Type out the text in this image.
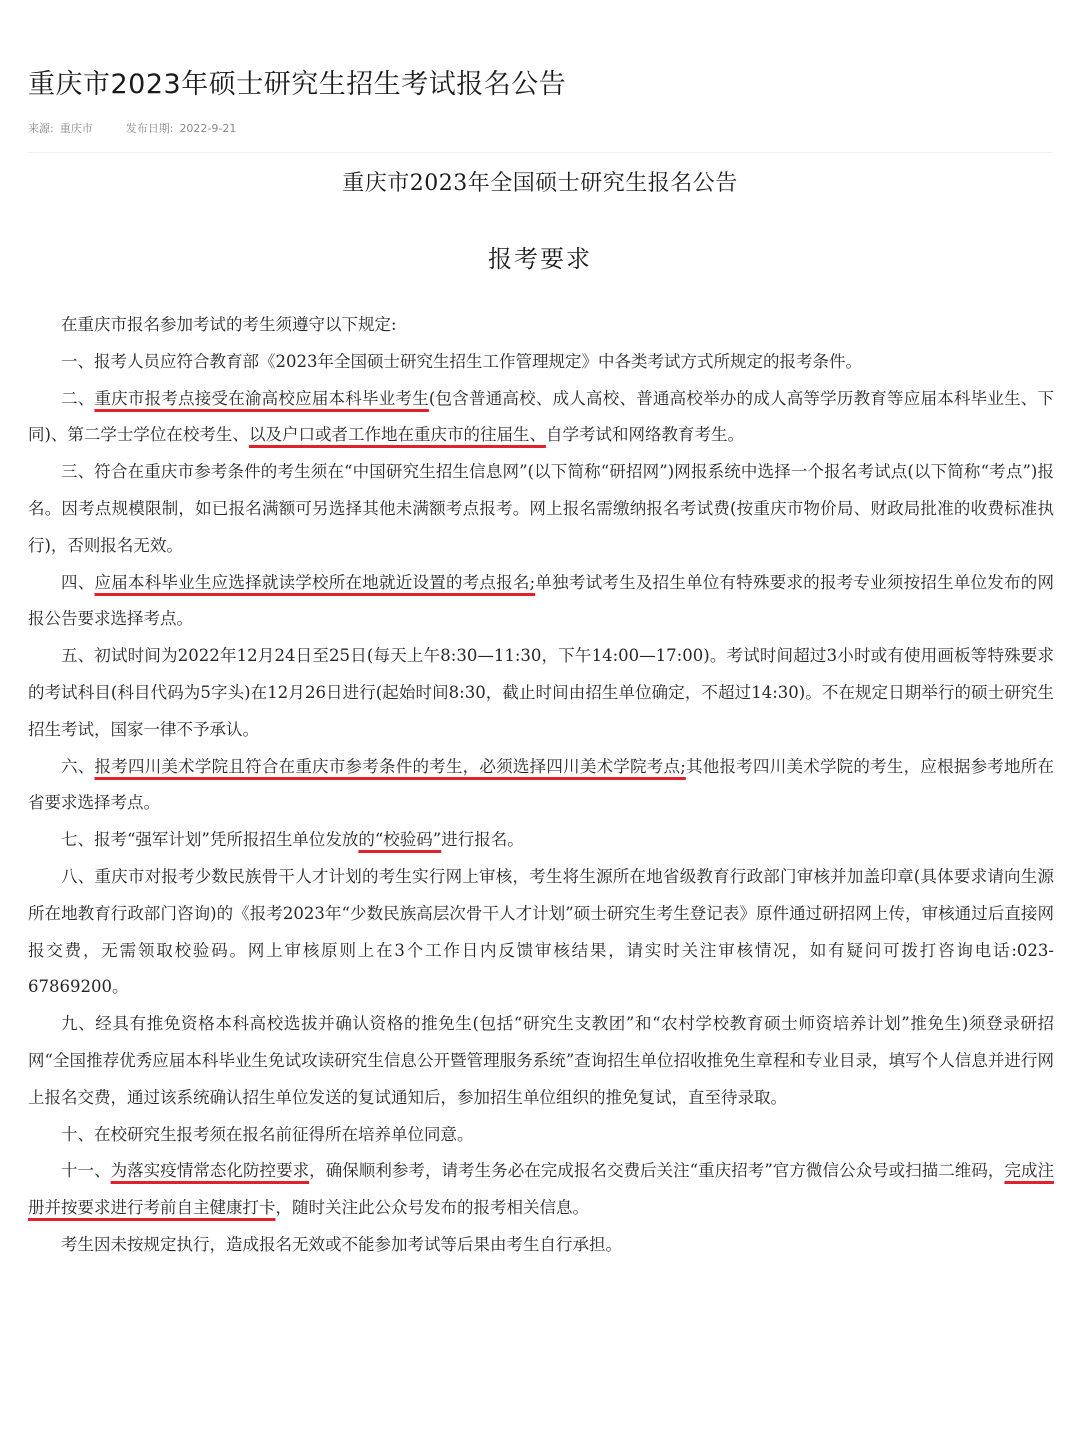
重庆市2023年硕士研究生招生考试报名公告
来源: 重庆市	发布日期: 2022-9-21
重庆市2023年全国硕士研究生报名公告
报考要求

在重庆市报名参加考试的考生须遵守以下规定:

一、报考人员应符合教育部《2023年全国硕士研究生招生工作管理规定》中各类考试方式所规定的报考条件。

二、重庆市报考点接受在渝高校应届本科毕业考生(包含普通高校、成人高校、普通高校举办的成人高等学历教育等应届本科毕业生、下同)、第二学士学位在校考生、以及户口或者工作地在重庆市的往届生、自学考试和网络教育考生。

三、符合在重庆市参考条件的考生须在“中国研究生招生信息网”(以下简称“研招网”)网报系统中选择一个报名考试点(以下简称“考点”)报名。因考点规模限制，如已报名满额可另选择其他未满额考点报考。网上报名需缴纳报名考试费(按重庆市物价局、财政局批准的收费标准执行)，否则报名无效。

四、应届本科毕业生应选择就读学校所在地就近设置的考点报名;单独考试考生及招生单位有特殊要求的报考专业须按招生单位发布的网报公告要求选择考点。

五、初试时间为2022年12月24日至25日(每天上午8:30—11:30，下午14:00—17:00)。考试时间超过3小时或有使用画板等特殊要求的考试科目(科目代码为5字头)在12月26日进行(起始时间8:30，截止时间由招生单位确定，不超过14:30)。不在规定日期举行的硕士研究生招生考试，国家一律不予承认。

六、报考四川美术学院且符合在重庆市参考条件的考生，必须选择四川美术学院考点;其他报考四川美术学院的考生，应根据参考地所在省要求选择考点。

七、报考“强军计划”凭所报招生单位发放的“校验码”进行报名。

八、重庆市对报考少数民族骨干人才计划的考生实行网上审核，考生将生源所在地省级教育行政部门审核并加盖印章(具体要求请向生源所在地教育行政部门咨询)的《报考2023年“少数民族高层次骨干人才计划”硕士研究生考生登记表》原件通过研招网上传，审核通过后直接网报交费，无需领取校验码。网上审核原则上在3个工作日内反馈审核结果，请实时关注审核情况，如有疑问可拨打咨询电话:023-67869200。

九、经具有推免资格本科高校选拔并确认资格的推免生(包括“研究生支教团”和“农村学校教育硕士师资培养计划”推免生)须登录研招网“全国推荐优秀应届本科毕业生免试攻读研究生信息公开暨管理服务系统”查询招生单位招收推免生章程和专业目录，填写个人信息并进行网上报名交费，通过该系统确认招生单位发送的复试通知后，参加招生单位组织的推免复试，直至待录取。

十、在校研究生报考须在报名前征得所在培养单位同意。

十一、为落实疫情常态化防控要求，确保顺利参考，请考生务必在完成报名交费后关注“重庆招考”官方微信公众号或扫描二维码，完成注册并按要求进行考前自主健康打卡，随时关注此公众号发布的报考相关信息。

考生因未按规定执行，造成报名无效或不能参加考试等后果由考生自行承担。
